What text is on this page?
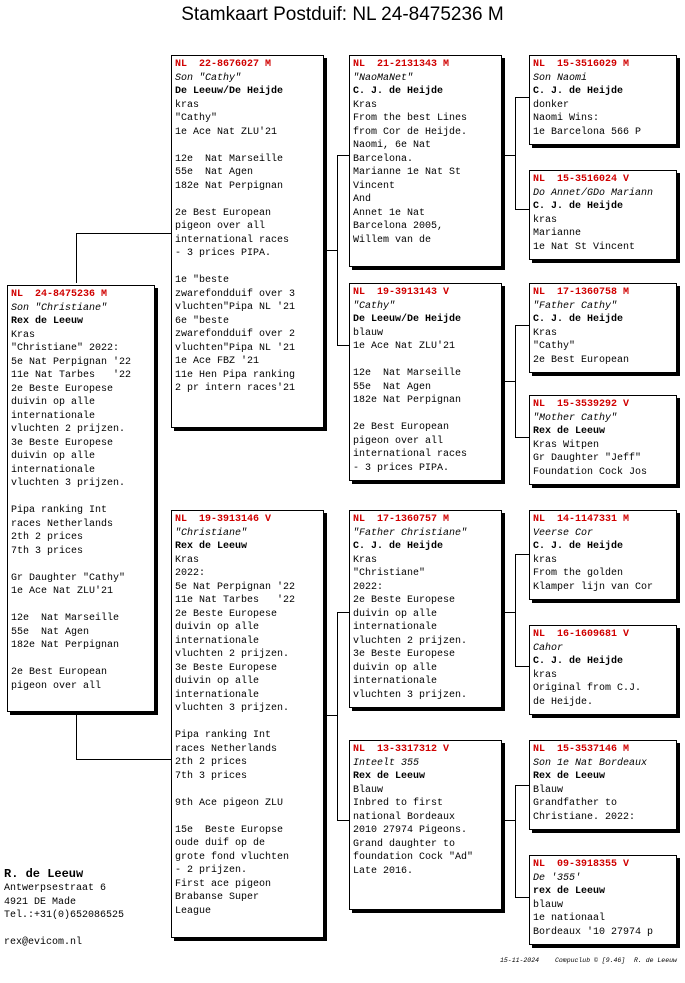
Stamkaart Postduif: NL 24-8475236 M
NL  24-8475236 M
Son "Christiane"
Rex de Leeuw
Kras
"Christiane" 2022:
5e Nat Perpignan '22
11e Nat Tarbes   '22
2e Beste Europese
duivin op alle
internationale
vluchten 2 prijzen.
3e Beste Europese
duivin op alle
internationale
vluchten 3 prijzen.
Pipa ranking Int
races Netherlands
2th 2 prices
7th 3 prices
Gr Daughter "Cathy"
1e Ace Nat ZLU'21
12e  Nat Marseille
55e  Nat Agen
182e Nat Perpignan
2e Best European
pigeon over all
NL  22-8676027 M
Son "Cathy"
De Leeuw/De Heijde
kras
"Cathy"
1e Ace Nat ZLU'21
12e  Nat Marseille
55e  Nat Agen
182e Nat Perpignan
2e Best European
pigeon over all
international races
- 3 prices PIPA.
1e "beste
zwarefondduif over 3
vluchten"Pipa NL '21
6e "beste
zwarefondduif over 2
vluchten"Pipa NL '21
1e Ace FBZ '21
11e Hen Pipa ranking
2 pr intern races'21
NL  19-3913146 V
"Christiane"
Rex de Leeuw
Kras
2022:
5e Nat Perpignan '22
11e Nat Tarbes   '22
2e Beste Europese
duivin op alle
internationale
vluchten 2 prijzen.
3e Beste Europese
duivin op alle
internationale
vluchten 3 prijzen.
Pipa ranking Int
races Netherlands
2th 2 prices
7th 3 prices
9th Ace pigeon ZLU
15e  Beste Europse
oude duif op de
grote fond vluchten
- 2 prijzen.
First ace pigeon
Brabanse Super
League
NL  21-2131343 M
"NaoMaNet"
C. J. de Heijde
Kras
From the best Lines
from Cor de Heijde.
Naomi, 6e Nat
Barcelona.
Marianne 1e Nat St
Vincent
And
Annet 1e Nat
Barcelona 2005,
Willem van de
NL  19-3913143 V
"Cathy"
De Leeuw/De Heijde
blauw
1e Ace Nat ZLU'21
12e  Nat Marseille
55e  Nat Agen
182e Nat Perpignan
2e Best European
pigeon over all
international races
- 3 prices PIPA.
NL  17-1360757 M
"Father Christiane"
C. J. de Heijde
Kras
"Christiane"
2022:
2e Beste Europese
duivin op alle
internationale
vluchten 2 prijzen.
3e Beste Europese
duivin op alle
internationale
vluchten 3 prijzen.
NL  13-3317312 V
Inteelt 355
Rex de Leeuw
Blauw
Inbred to first
national Bordeaux
2010 27974 Pigeons.
Grand daughter to
foundation Cock "Ad"
Late 2016.
NL  15-3516029 M
Son Naomi
C. J. de Heijde
donker
Naomi Wins:
1e Barcelona 566 P
NL  15-3516024 V
Do Annet/GDo Mariann
C. J. de Heijde
kras
Marianne
1e Nat St Vincent
NL  17-1360758 M
"Father Cathy"
C. J. de Heijde
Kras
"Cathy"
2e Best European
NL  15-3539292 V
"Mother Cathy"
Rex de Leeuw
Kras Witpen
Gr Daughter "Jeff"
Foundation Cock Jos
NL  14-1147331 M
Veerse Cor
C. J. de Heijde
kras
From the golden
Klamper lijn van Cor
NL  16-1609681 V
Cahor
C. J. de Heijde
kras
Original from C.J.
de Heijde.
NL  15-3537146 M
Son 1e Nat Bordeaux
Rex de Leeuw
Blauw
Grandfather to
Christiane. 2022:
NL  09-3918355 V
De '355'
rex de Leeuw
blauw
1e nationaal
Bordeaux '10 27974 p
R. de Leeuw
Antwerpsestraat 6
4921 DE Made
Tel.:+31(0)652086525
rex@evicom.nl
15-11-2024 Compuclub © [9.46] R. de Leeuw
